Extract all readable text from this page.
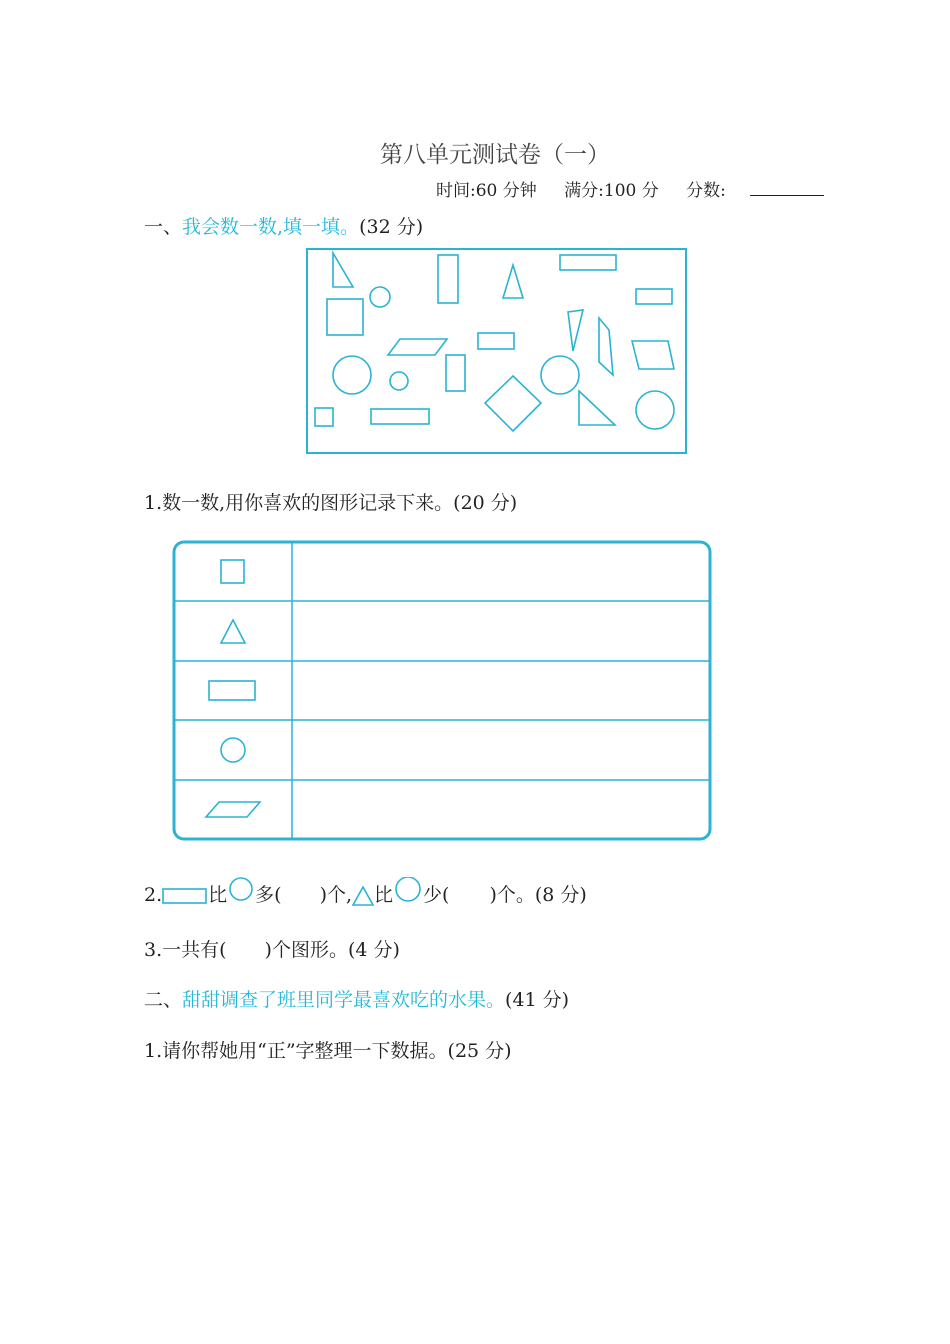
第八单元测试卷（一）
时间:60 分钟 满分:100 分 分数:
一、我会数一数,填一填。(32 分)
1.数一数,用你喜欢的图形记录下来。(20 分)
2. 比 多( )个, 比 少( )个。(8 分)
3.一共有( )个图形。(4 分)
二、甜甜调查了班里同学最喜欢吃的水果。(41 分)
1.请你帮她用“正”字整理一下数据。(25 分)
